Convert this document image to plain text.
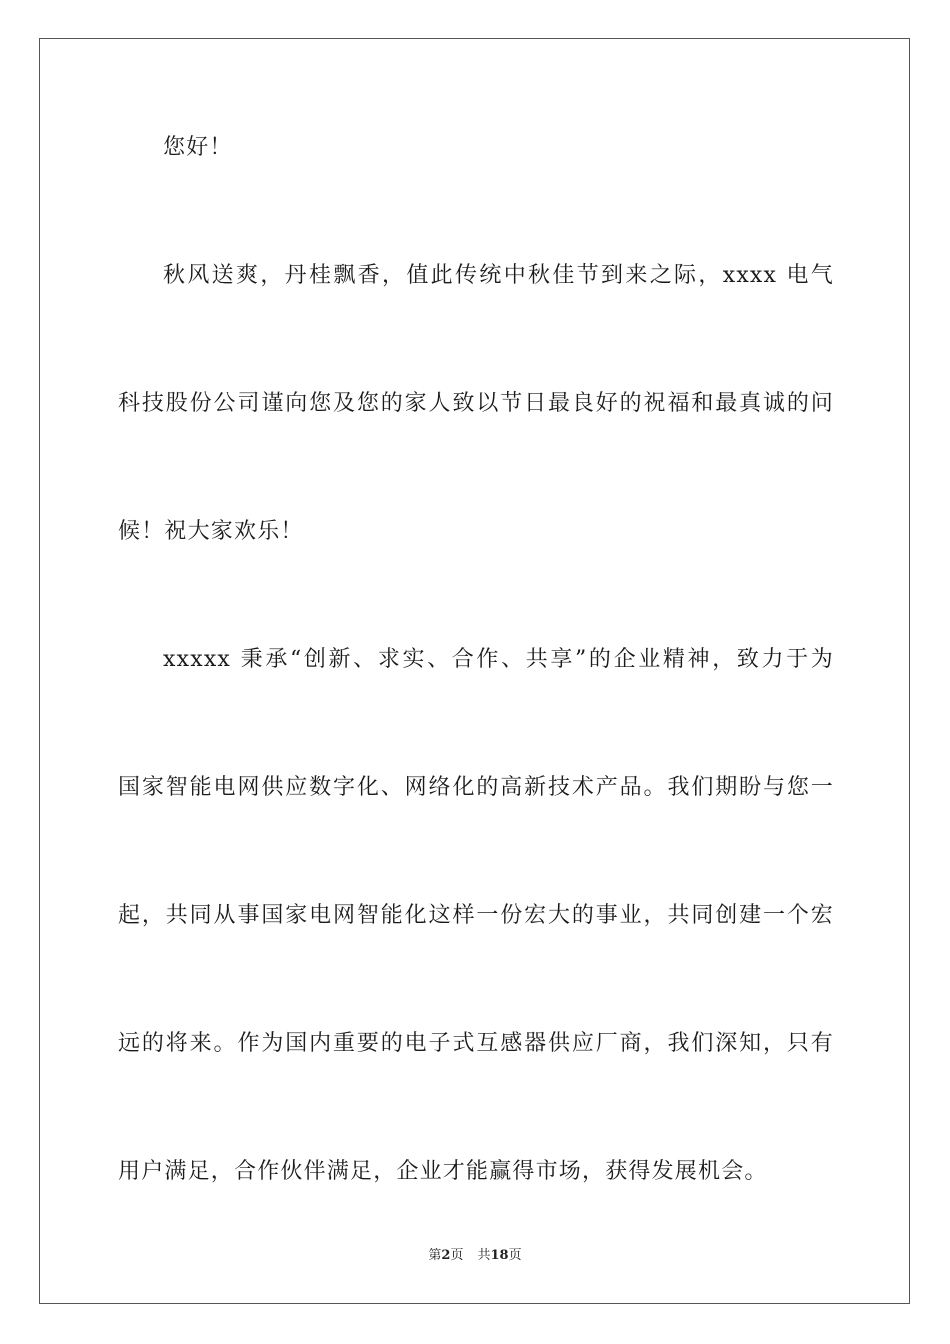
您好！
秋风送爽，丹桂飘香，值此传统中秋佳节到来之际，xxxx 电气
科技股份公司谨向您及您的家人致以节日最良好的祝福和最真诚的问
候！祝大家欢乐！
xxxxx 秉承“创新、求实、合作、共享”的企业精神，致力于为
国家智能电网供应数字化、网络化的高新技术产品。我们期盼与您一
起，共同从事国家电网智能化这样一份宏大的事业，共同创建一个宏
远的将来。作为国内重要的电子式互感器供应厂商，我们深知，只有
用户满足，合作伙伴满足，企业才能赢得市场，获得发展机会。
第2页 共18页
